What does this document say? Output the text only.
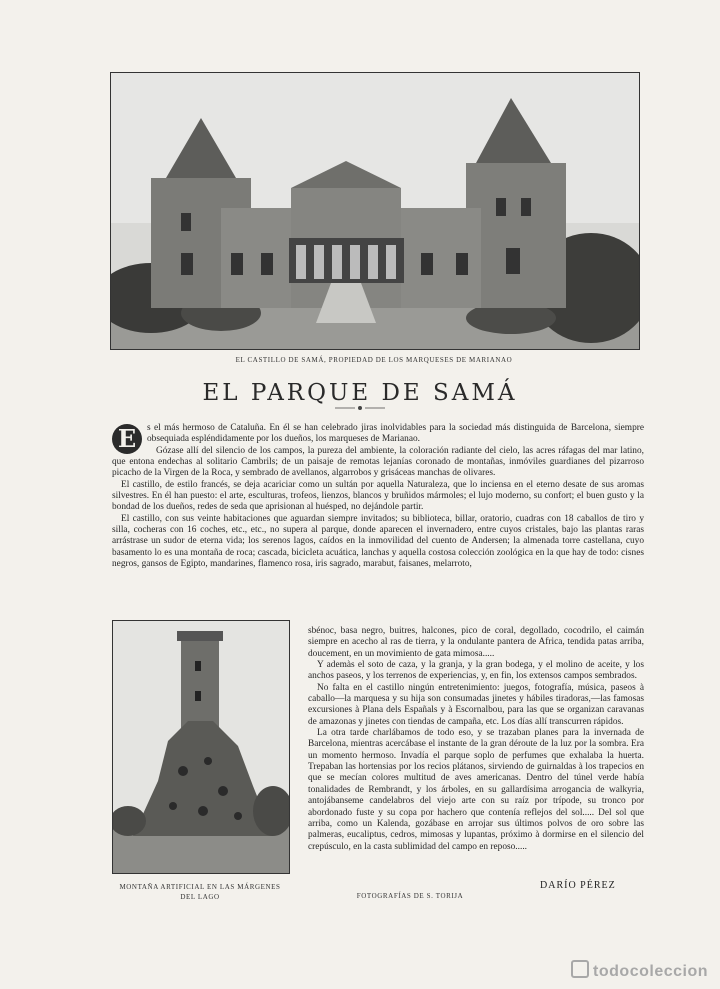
EL CASTILLO DE SAMÁ, PROPIEDAD DE LOS MARQUESES DE MARIANAO
EL PARQUE DE SAMÁ

E	s el más hermoso de Cataluña. En él se han celebrado jiras inolvidables para la sociedad más distinguida de Barcelona, siempre obsequiada espléndidamente por los dueños, los marqueses de Marianao.

Gózase allí del silencio de los campos, la pureza del ambiente, la coloración radiante del cielo, las acres ráfagas del mar latino, que entona endechas al solitario Cambrils; de un paisaje de remotas lejanías coronado de montañas, inmóviles guardianes del pizarroso picacho de la Virgen de la Roca, y sembrado de avellanos, algarrobos y grisáceas manchas de olivares.

El castillo, de estilo francés, se deja acariciar como un sultán por aquella Naturaleza, que lo inciensa en el eterno desate de sus aromas silvestres. En él han puesto: el arte, esculturas, trofeos, lienzos, blancos y bruñidos mármoles; el lujo moderno, su confort; el buen gusto y la bondad de los dueños, redes de seda que aprisionan al huésped, no dejándole partir.

El castillo, con sus veinte habitaciones que aguardan siempre invitados; su biblioteca, billar, oratorio, cuadras con 18 caballos de tiro y silla, cocheras con 16 coches, etc., etc., no supera al parque, donde aparecen el invernadero, entre cuyos cristales, bajo las plantas raras arrástrase un sudor de eterna vida; los serenos lagos, caídos en la inmovilidad del cuento de Andersen; la almenada torre castellana, cuyo basamento lo es una montaña de roca; cascada, bicicleta acuática, lanchas y aquella costosa colección zoológica en la que hay de todo: cisnes negros, gansos de Egipto, mandarines, flamenco rosa, iris sagrado, marabut, faisanes, melarroto,

MONTAÑA ARTIFICIAL EN LAS MÁRGENES DEL LAGO

sbénoc, basa negro, buitres, halcones, pico de coral, degollado, cocodrilo, el caimán siempre en acecho al ras de tierra, y la ondulante pantera de Africa, tendida patas arriba, doucement, en un movimiento de gata mimosa.....

Y ademàs el soto de caza, y la granja, y la gran bodega, y el molino de aceite, y los anchos paseos, y los terrenos de experiencias, y, en fin, los extensos campos sembrados.

No falta en el castillo ningún entretenimiento: juegos, fotografía, música, paseos à caballo—la marquesa y su hija son consumadas jinetes y hábiles tiradoras,—las famosas excursiones à Plana dels Españals y à Escornalbou, para las que se organizan caravanas de amazonas y jinetes con tiendas de campaña, etc. Los días allí transcurren rápidos.

La otra tarde charlábamos de todo eso, y se trazaban planes para la invernada de Barcelona, mientras acercábase el instante de la gran déroute de la luz por la sombra. Era un momento hermoso. Invadía el parque soplo de perfumes que exhalaba la huerta. Trepaban las hortensias por los recios plátanos, sirviendo de guirnaldas à los trapecios en que se mecían colores multitud de aves americanas. Dentro del túnel verde había tonalidades de Rembrandt, y los árboles, en su gallardísima arrogancia de walkyria, antojábanseme candelabros del viejo arte con su raíz por trípode, su tronco por abordonado fuste y su copa por hachero que contenía reflejos del sol..... Del sol que arriba, como un Kalenda, gozábase en arrojar sus últimos polvos de oro sobre las palmeras, eucaliptus, cedros, mimosas y lupantas, próximo à dormirse en el silencio del crepúsculo, en la casta sublimidad del campo en reposo.....

FOTOGRAFÍAS DE S. TORIJA
DARÍO PÉREZ
todocoleccion
